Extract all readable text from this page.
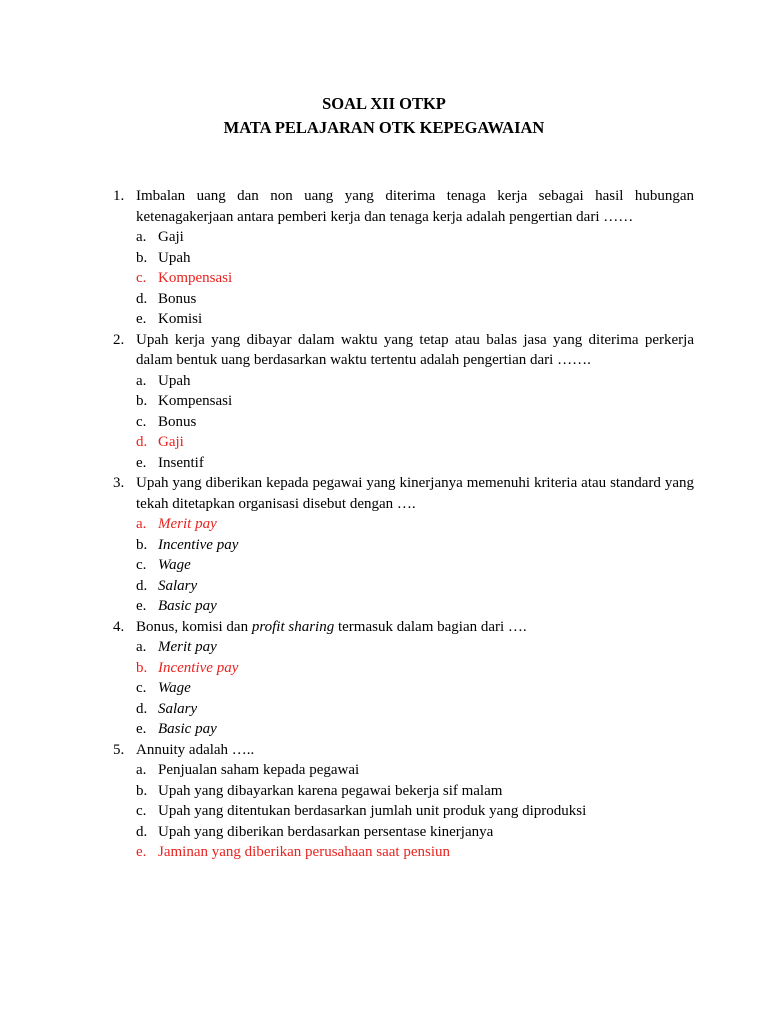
SOAL XII OTKP
MATA PELAJARAN OTK KEPEGAWAIAN
1. Imbalan uang dan non uang yang diterima tenaga kerja sebagai hasil hubungan
ketenagakerjaan antara pemberi kerja dan tenaga kerja adalah pengertian dari ……
a. Gaji
b. Upah
c. Kompensasi
d. Bonus
e. Komisi
2. Upah kerja yang dibayar dalam waktu yang tetap atau balas jasa yang diterima perkerja
dalam bentuk uang berdasarkan waktu tertentu adalah pengertian dari …….
a. Upah
b. Kompensasi
c. Bonus
d. Gaji
e. Insentif
3. Upah yang diberikan kepada pegawai yang kinerjanya memenuhi kriteria atau standard yang
tekah ditetapkan organisasi disebut dengan ….
a. Merit pay
b. Incentive pay
c. Wage
d. Salary
e. Basic pay
4. Bonus, komisi dan profit sharing termasuk dalam bagian dari ….
a. Merit pay
b. Incentive pay
c. Wage
d. Salary
e. Basic pay
5. Annuity adalah …..
a. Penjualan saham kepada pegawai
b. Upah yang dibayarkan karena pegawai bekerja sif malam
c. Upah yang ditentukan berdasarkan jumlah unit produk yang diproduksi
d. Upah yang diberikan berdasarkan persentase kinerjanya
e. Jaminan yang diberikan perusahaan saat pensiun
